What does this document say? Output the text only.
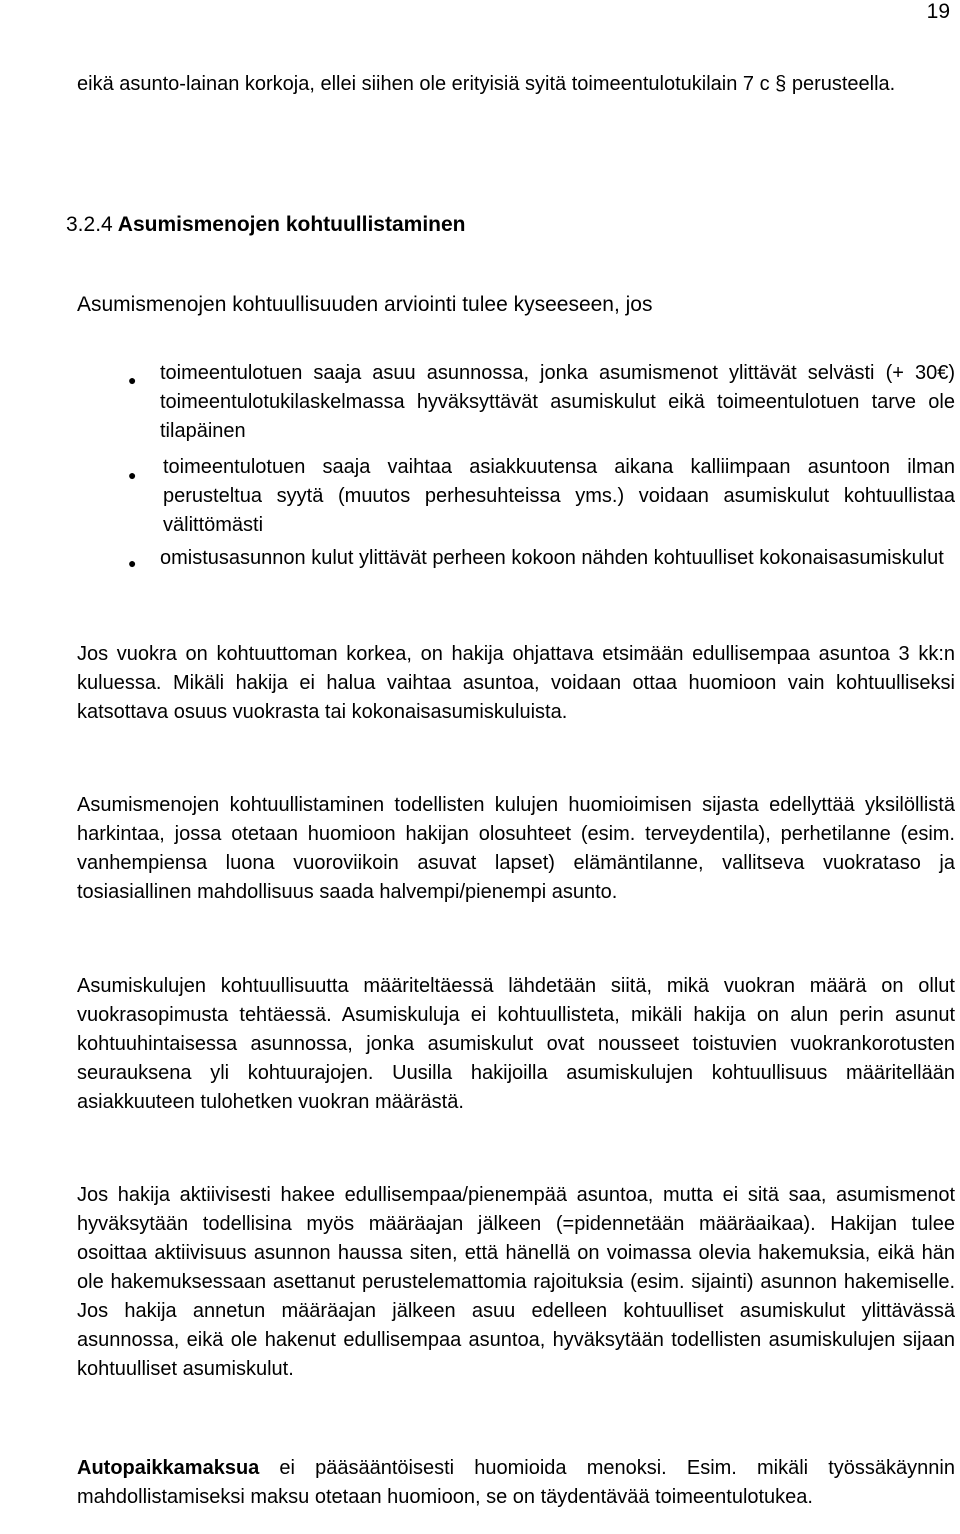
19

eikä asunto-lainan korkoja, ellei siihen ole erityisiä syitä toimeentulotukilain 7 c § perusteella.

3.2.4 Asumismenojen kohtuullistaminen

Asumismenojen kohtuullisuuden arviointi tulee kyseeseen, jos

● toimeentulotuen saaja asuu asunnossa, jonka asumismenot ylittävät selvästi (+ 30€) toimeentulotukilaskelmassa hyväksyttävät asumiskulut eikä toimeentulotuen tarve ole tilapäinen

● toimeentulotuen saaja vaihtaa asiakkuutensa aikana kalliimpaan asuntoon ilman perusteltua syytä (muutos perhesuhteissa yms.) voidaan asumiskulut kohtuullistaa välittömästi

● omistusasunnon kulut ylittävät perheen kokoon nähden kohtuulliset kokonaisasumiskulut

Jos vuokra on kohtuuttoman korkea, on hakija ohjattava etsimään edullisempaa asuntoa 3 kk:n kuluessa. Mikäli hakija ei halua vaihtaa asuntoa, voidaan ottaa huomioon vain kohtuulliseksi katsottava osuus vuokrasta tai kokonaisasumiskuluista.

Asumismenojen kohtuullistaminen todellisten kulujen huomioimisen sijasta edellyttää yksilöllistä harkintaa, jossa otetaan huomioon hakijan olosuhteet (esim. terveydentila), perhetilanne (esim. vanhempiensa luona vuoroviikoin asuvat lapset) elämäntilanne, vallitseva vuokrataso ja tosiasiallinen mahdollisuus saada halvempi/pienempi asunto.

Asumiskulujen kohtuullisuutta määriteltäessä lähdetään siitä, mikä vuokran määrä on ollut vuokrasopimusta tehtäessä. Asumiskuluja ei kohtuullisteta, mikäli hakija on alun perin asunut kohtuuhintaisessa asunnossa, jonka asumiskulut ovat nousseet toistuvien vuokrankorotusten seurauksena yli kohtuurajojen. Uusilla hakijoilla asumiskulujen kohtuullisuus määritellään asiakkuuteen tulohetken vuokran määrästä.

Jos hakija aktiivisesti hakee edullisempaa/pienempää asuntoa, mutta ei sitä saa, asumismenot hyväksytään todellisina myös määräajan jälkeen (=pidennetään määräaikaa). Hakijan tulee osoittaa aktiivisuus asunnon haussa siten, että hänellä on voimassa olevia hakemuksia, eikä hän ole hakemuksessaan asettanut perustelemattomia rajoituksia (esim. sijainti) asunnon hakemiselle. Jos hakija annetun määräajan jälkeen asuu edelleen kohtuulliset asumiskulut ylittävässä asunnossa, eikä ole hakenut edullisempaa asuntoa, hyväksytään todellisten asumiskulujen sijaan kohtuulliset asumiskulut.

Autopaikkamaksua ei pääsääntöisesti huomioida menoksi. Esim. mikäli työssäkäynnin mahdollistamiseksi maksu otetaan huomioon, se on täydentävää toimeentulotukea.
